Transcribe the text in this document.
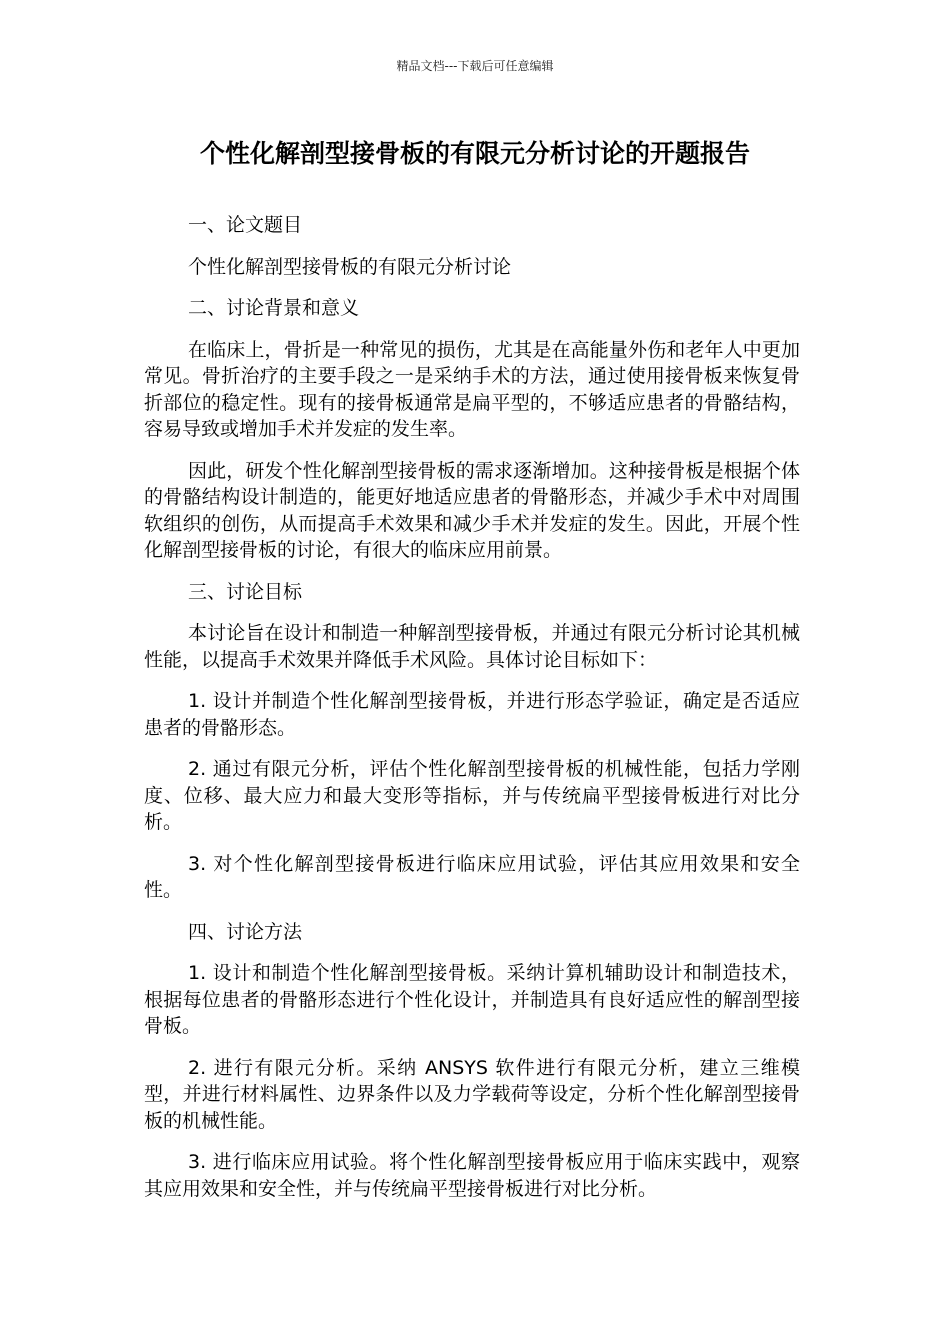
精品文档---下载后可任意编辑
个性化解剖型接骨板的有限元分析讨论的开题报告

一、论文题目

个性化解剖型接骨板的有限元分析讨论

二、讨论背景和意义

在临床上，骨折是一种常见的损伤，尤其是在高能量外伤和老年人中更加常见。骨折治疗的主要手段之一是采纳手术的方法，通过使用接骨板来恢复骨折部位的稳定性。现有的接骨板通常是扁平型的，不够适应患者的骨骼结构，容易导致或增加手术并发症的发生率。

因此，研发个性化解剖型接骨板的需求逐渐增加。这种接骨板是根据个体的骨骼结构设计制造的，能更好地适应患者的骨骼形态，并减少手术中对周围软组织的创伤，从而提高手术效果和减少手术并发症的发生。因此，开展个性化解剖型接骨板的讨论，有很大的临床应用前景。

三、讨论目标

本讨论旨在设计和制造一种解剖型接骨板，并通过有限元分析讨论其机械性能，以提高手术效果并降低手术风险。具体讨论目标如下：

1. 设计并制造个性化解剖型接骨板，并进行形态学验证，确定是否适应患者的骨骼形态。

2. 通过有限元分析，评估个性化解剖型接骨板的机械性能，包括力学刚度、位移、最大应力和最大变形等指标，并与传统扁平型接骨板进行对比分析。

3. 对个性化解剖型接骨板进行临床应用试验，评估其应用效果和安全性。

四、讨论方法

1. 设计和制造个性化解剖型接骨板。采纳计算机辅助设计和制造技术，根据每位患者的骨骼形态进行个性化设计，并制造具有良好适应性的解剖型接骨板。

2. 进行有限元分析。采纳 ANSYS 软件进行有限元分析，建立三维模型，并进行材料属性、边界条件以及力学载荷等设定，分析个性化解剖型接骨板的机械性能。

3. 进行临床应用试验。将个性化解剖型接骨板应用于临床实践中，观察其应用效果和安全性，并与传统扁平型接骨板进行对比分析。
